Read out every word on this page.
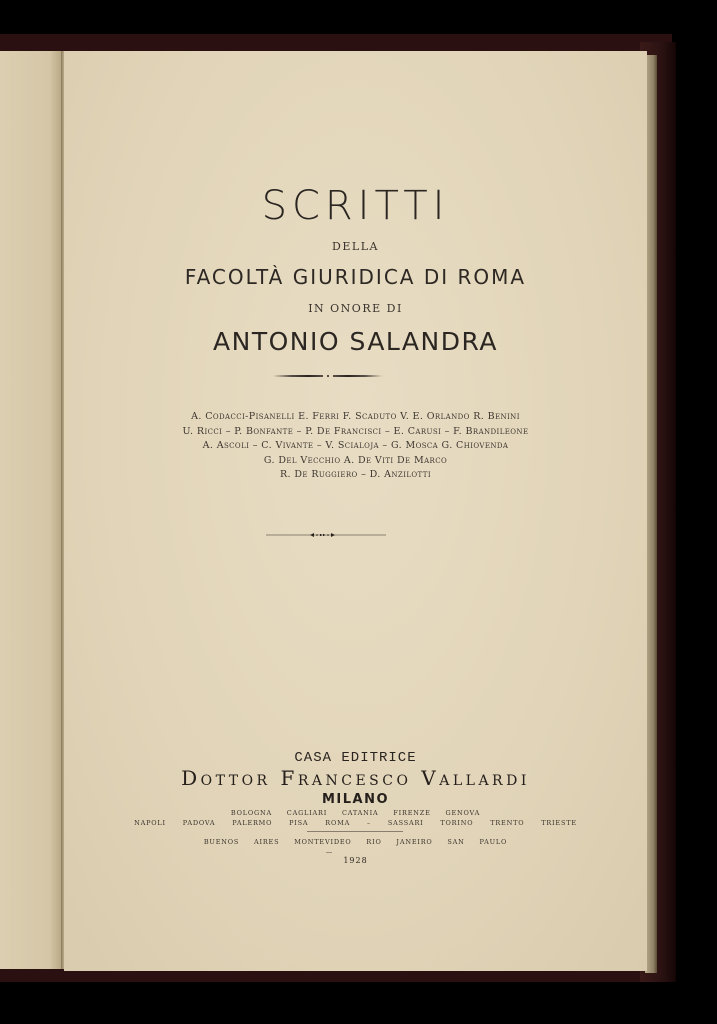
SCRITTI
DELLA
FACOLTÀ GIURIDICA DI ROMA
IN ONORE DI
ANTONIO SALANDRA
A. Codacci-Pisanelli E. Ferri F. Scaduto V. E. Orlando R. Benini
U. Ricci – P. Bonfante – P. De Francisci – E. Carusi – F. Brandileone
A. Ascoli – C. Vivante – V. Scialoja – G. Mosca G. Chiovenda
G. Del Vecchio A. De Viti De Marco
R. De Ruggiero – D. Anzilotti
CASA EDITRICE
Dottor Francesco Vallardi
MILANO
BOLOGNA CAGLIARI CATANIA FIRENZE GENOVA
NAPOLI PADOVA PALERMO PISA ROMA – SASSARI TORINO TRENTO TRIESTE
BUENOS AIRES MONTEVIDEO RIO JANEIRO SAN PAULO
1928
